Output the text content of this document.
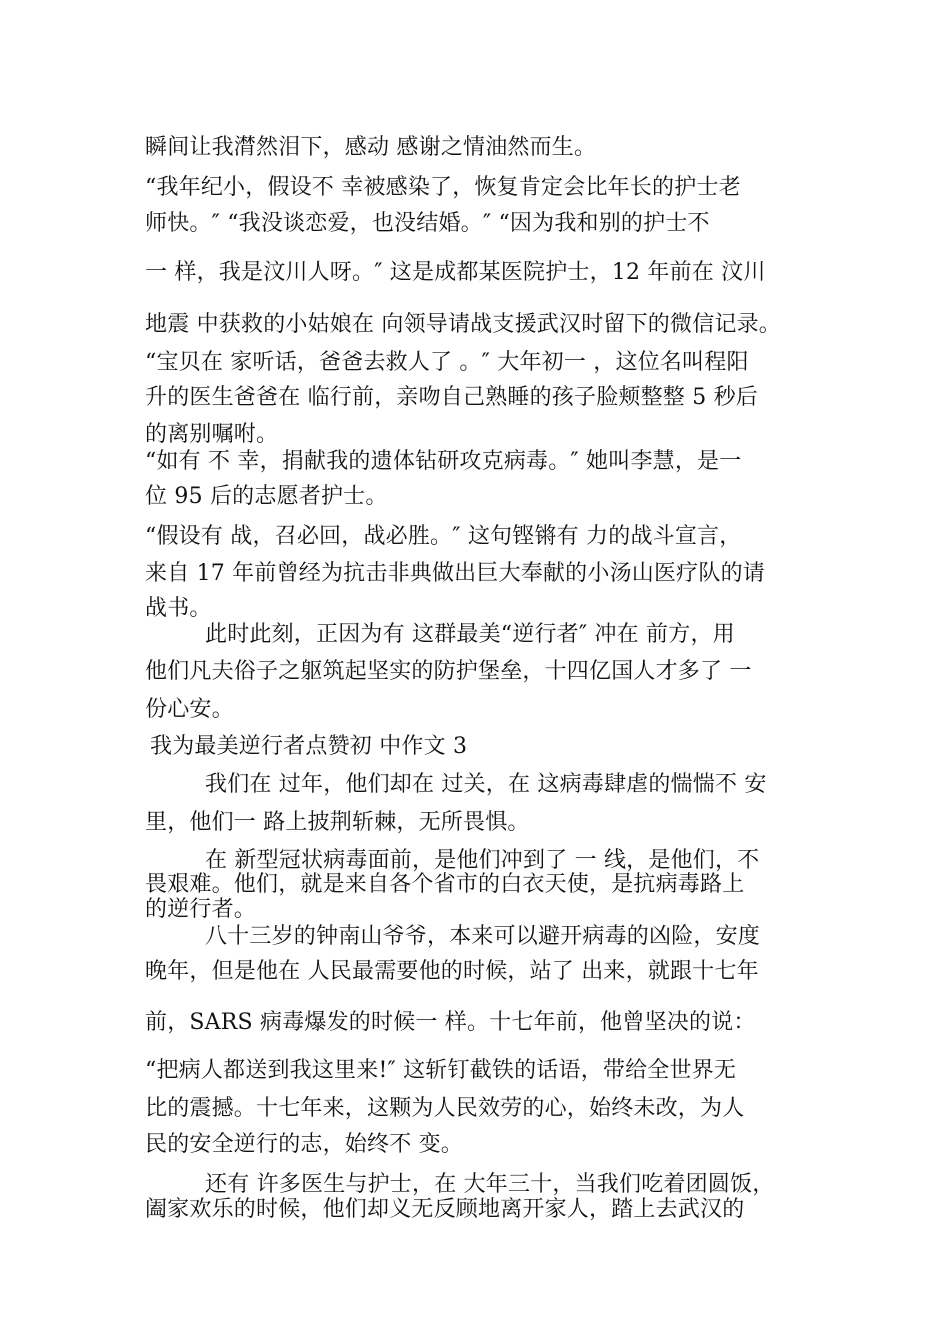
瞬间让我潸然泪下，感动 感谢之情油然而生。

“我年纪小，假设不 幸被感染了，恢复肯定会比年长的护士老

师快。″ “我没谈恋爱，也没结婚。″ “因为我和别的护士不

一 样，我是汶川人呀。″ 这是成都某医院护士，12 年前在 汶川

地震 中获救的小姑娘在 向领导请战支援武汉时留下的微信记录。

“宝贝在 家听话，爸爸去救人了 。″ 大年初一 ，这位名叫程阳

升的医生爸爸在 临行前，亲吻自己熟睡的孩子脸颊整整 5 秒后

的离别嘱咐。

“如有 不 幸，捐献我的遗体钻研攻克病毒。″ 她叫李慧，是一

位 95 后的志愿者护士。

“假设有 战，召必回，战必胜。″ 这句铿锵有 力的战斗宣言，

来自 17 年前曾经为抗击非典做出巨大奉献的小汤山医疗队的请

战书。

此时此刻，正因为有 这群最美“逆行者″ 冲在 前方，用

他们凡夫俗子之躯筑起坚实的防护堡垒，十四亿国人才多了 一

份心安。

我为最美逆行者点赞初 中作文 3

我们在 过年，他们却在 过关，在 这病毒肆虐的惴惴不 安

里，他们一 路上披荆斩棘，无所畏惧。

在 新型冠状病毒面前，是他们冲到了 一 线，是他们，不

畏艰难。他们，就是来自各个省市的白衣天使，是抗病毒路上

的逆行者。

八十三岁的钟南山爷爷，本来可以避开病毒的凶险，安度

晚年，但是他在 人民最需要他的时候，站了 出来，就跟十七年

前，SARS 病毒爆发的时候一 样。十七年前，他曾坚决的说：

“把病人都送到我这里来!″ 这斩钉截铁的话语，带给全世界无

比的震撼。十七年来，这颗为人民效劳的心，始终未改，为人

民的安全逆行的志，始终不 变。

还有 许多医生与护士，在 大年三十，当我们吃着团圆饭，

阖家欢乐的时候，他们却义无反顾地离开家人，踏上去武汉的
